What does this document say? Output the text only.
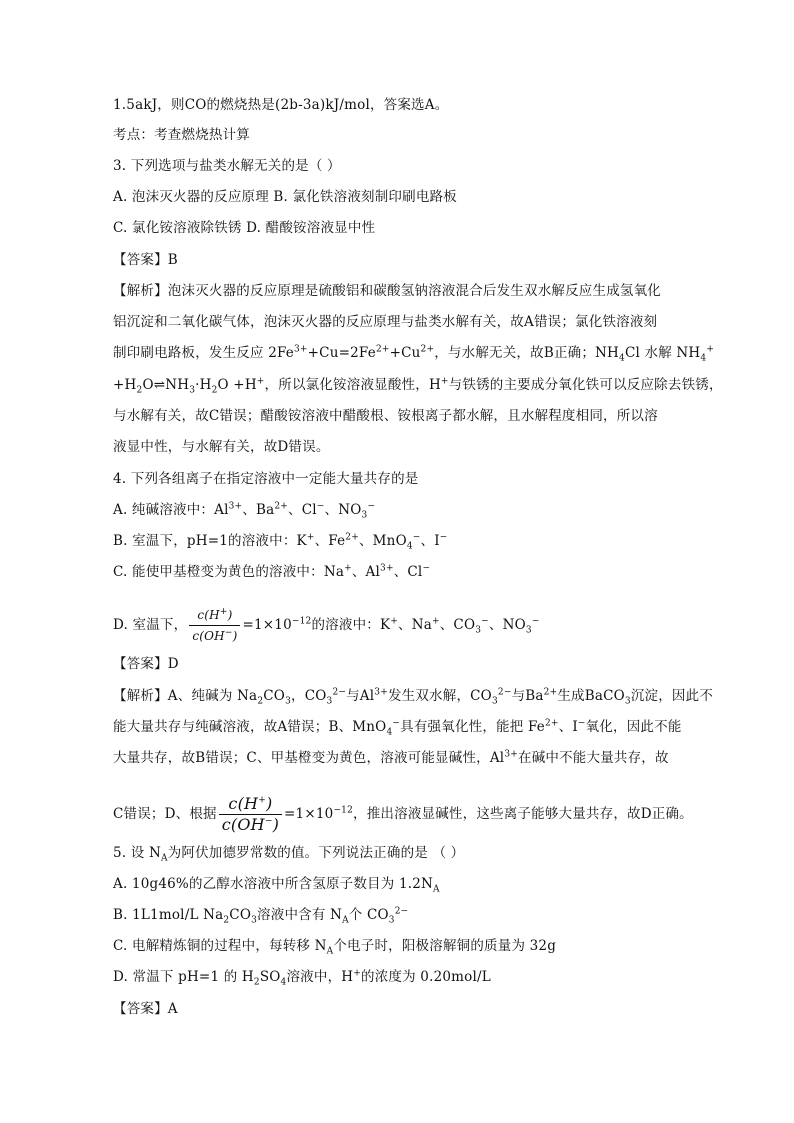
1.5akJ，则CO的燃烧热是(2b-3a)kJ/mol，答案选A。
考点：考查燃烧热计算
3. 下列选项与盐类水解无关的是（ ）
A. 泡沫灭火器的反应原理 B. 氯化铁溶液刻制印刷电路板
C. 氯化铵溶液除铁锈 D. 醋酸铵溶液显中性
【答案】B
【解析】泡沫灭火器的反应原理是硫酸铝和碳酸氢钠溶液混合后发生双水解反应生成氢氧化
铝沉淀和二氧化碳气体，泡沫灭火器的反应原理与盐类水解有关，故A错误；氯化铁溶液刻
制印刷电路板，发生反应 $2Fe^{3+}+Cu=2Fe^{2+}+Cu^{2+}$，与水解无关，故B正确；$NH_4Cl$ 水解 $NH_4^+$
$+H_2O\rightleftharpoons NH_3\cdot H_2O +H^+$，所以氯化铵溶液显酸性，H+与铁锈的主要成分氧化铁可以反应除去铁锈，
与水解有关，故C错误；醋酸铵溶液中醋酸根、铵根离子都水解，且水解程度相同，所以溶
液显中性，与水解有关，故D错误。
4. 下列各组离子在指定溶液中一定能大量共存的是
A. 纯碱溶液中：$Al^{3+}$、$Ba^{2+}$、Cl−、$NO_3^-$
B. 室温下，pH=1的溶液中：K+、$Fe^{2+}$、MnO$_4$−、I−
C. 能使甲基橙变为黄色的溶液中：Na+、$Al^{3+}$、Cl−
D. 室温下， $\frac{c(H^+)}{c(OH^-)} =1\times 10^{-12}$的溶液中：K+、Na+、$CO_3^-$、$NO_3^-$
【答案】D
【解析】A、纯碱为 $Na_2CO_3$，$CO_3^{2-}$与$Al^{3+}$发生双水解，$CO_3^{2-}$与$Ba^{2+}$生成BaCO$_3$沉淀，因此不
能大量共存与纯碱溶液，故A错误；B、MnO$_4$−具有强氧化性，能把 $Fe^{2+}$、I−氧化，因此不能
大量共存，故B错误；C、甲基橙变为黄色，溶液可能显碱性，$Al^{3+}$在碱中不能大量共存，故
C错误；D、根据 $\frac{c(H^+)}{c(OH^-)} =1\times 10^{-12}$，推出溶液显碱性，这些离子能够大量共存，故D正确。
5. 设 $N_A$为阿伏加德罗常数的值。下列说法正确的是 （ ）
A. 10g46%的乙醇水溶液中所含氢原子数目为 $1.2N_A$
B. 1L1mol/L $Na_2CO_3$溶液中含有 $N_A$个 $CO_3^{2-}$
C. 电解精炼铜的过程中，每转移 $N_A$个电子时，阳极溶解铜的质量为 32g
D. 常温下 pH=1 的 $H_2SO_4$溶液中，H+的浓度为 0.20mol/L
【答案】A
